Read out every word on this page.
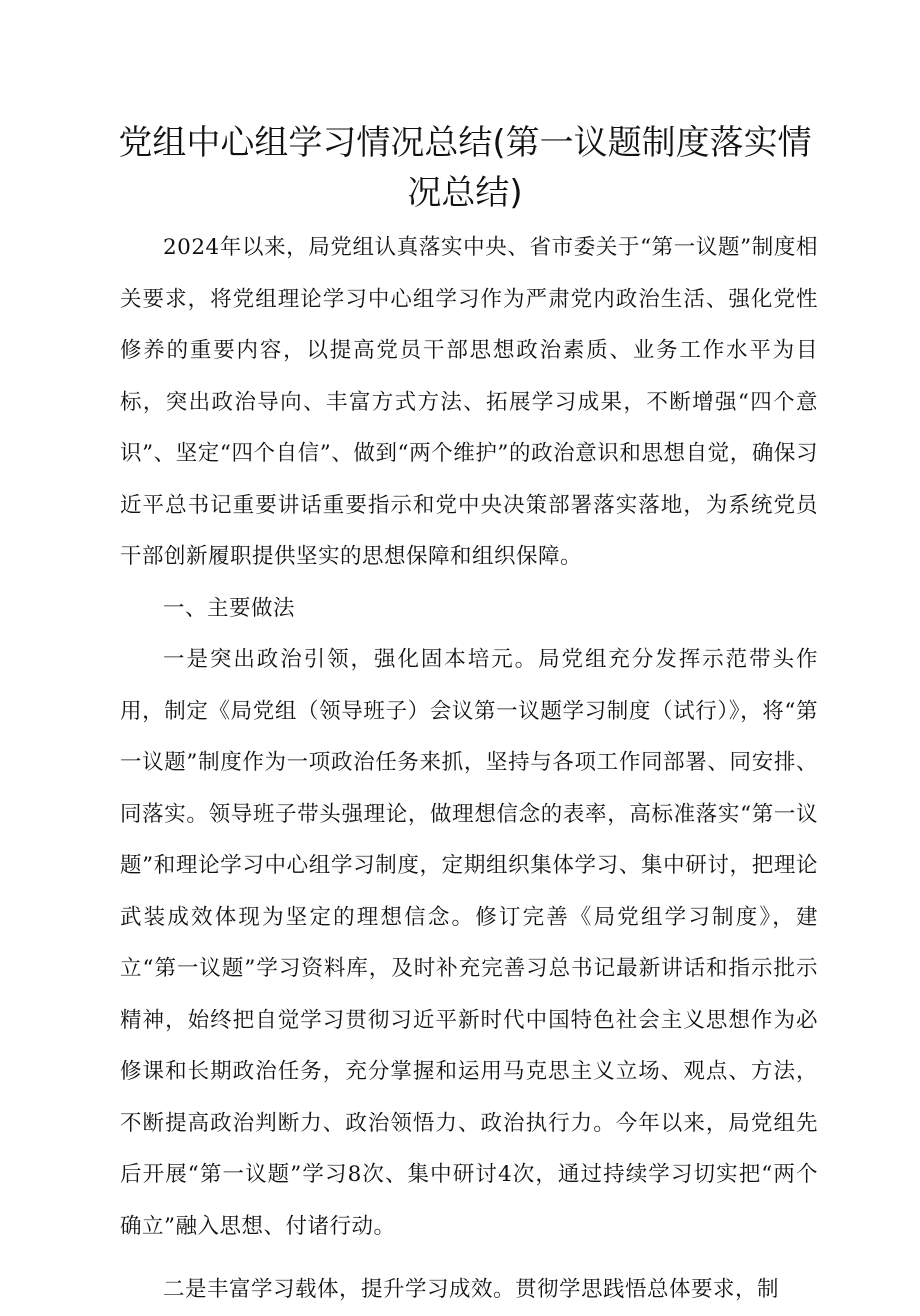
党组中心组学习情况总结(第一议题制度落实情况总结)

2024年以来，局党组认真落实中央、省市委关于“第一议题”制度相关要求，将党组理论学习中心组学习作为严肃党内政治生活、强化党性修养的重要内容，以提高党员干部思想政治素质、业务工作水平为目标，突出政治导向、丰富方式方法、拓展学习成果，不断增强“四个意识”、坚定“四个自信”、做到“两个维护”的政治意识和思想自觉，确保习近平总书记重要讲话重要指示和党中央决策部署落实落地，为系统党员干部创新履职提供坚实的思想保障和组织保障。

一、主要做法

一是突出政治引领，强化固本培元。局党组充分发挥示范带头作用，制定《局党组（领导班子）会议第一议题学习制度（试行）》，将“第一议题”制度作为一项政治任务来抓，坚持与各项工作同部署、同安排、同落实。领导班子带头强理论，做理想信念的表率，高标准落实“第一议题”和理论学习中心组学习制度，定期组织集体学习、集中研讨，把理论武装成效体现为坚定的理想信念。修订完善《局党组学习制度》，建立“第一议题”学习资料库，及时补充完善习总书记最新讲话和指示批示精神，始终把自觉学习贯彻习近平新时代中国特色社会主义思想作为必修课和长期政治任务，充分掌握和运用马克思主义立场、观点、方法，不断提高政治判断力、政治领悟力、政治执行力。今年以来，局党组先后开展“第一议题”学习8次、集中研讨4次，通过持续学习切实把“两个确立”融入思想、付诸行动。

二是丰富学习载体，提升学习成效。贯彻学思践悟总体要求，制
